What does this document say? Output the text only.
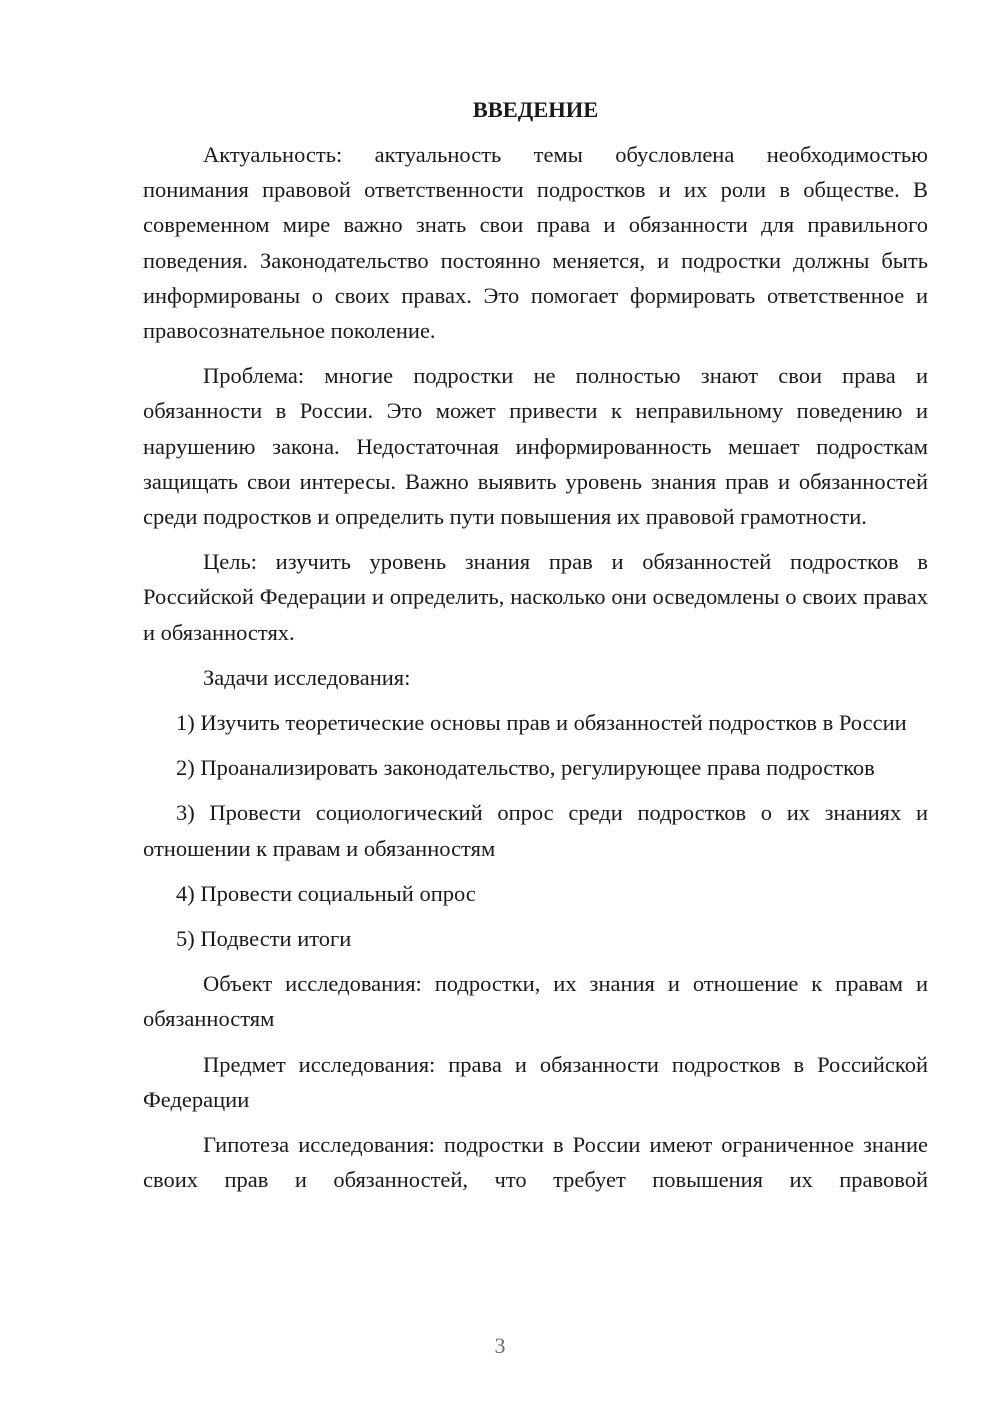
ВВЕДЕНИЕ

Актуальность: актуальность темы обусловлена необходимостью понимания правовой ответственности подростков и их роли в обществе. В современном мире важно знать свои права и обязанности для правильного поведения. Законодательство постоянно меняется, и подростки должны быть информированы о своих правах. Это помогает формировать ответственное и правосознательное поколение.

Проблема: многие подростки не полностью знают свои права и обязанности в России. Это может привести к неправильному поведению и нарушению закона. Недостаточная информированность мешает подросткам защищать свои интересы. Важно выявить уровень знания прав и обязанностей среди подростков и определить пути повышения их правовой грамотности.

Цель: изучить уровень знания прав и обязанностей подростков в Российской Федерации и определить, насколько они осведомлены о своих правах и обязанностях.

Задачи исследования:

1) Изучить теоретические основы прав и обязанностей подростков в России

2) Проанализировать законодательство, регулирующее права подростков

3) Провести социологический опрос среди подростков о их знаниях и отношении к правам и обязанностям

4) Провести социальный опрос

5) Подвести итоги

Объект исследования: подростки, их знания и отношение к правам и обязанностям

Предмет исследования: права и обязанности подростков в Российской Федерации

Гипотеза исследования: подростки в России имеют ограниченное знание своих прав и обязанностей, что требует повышения их правовой

3
